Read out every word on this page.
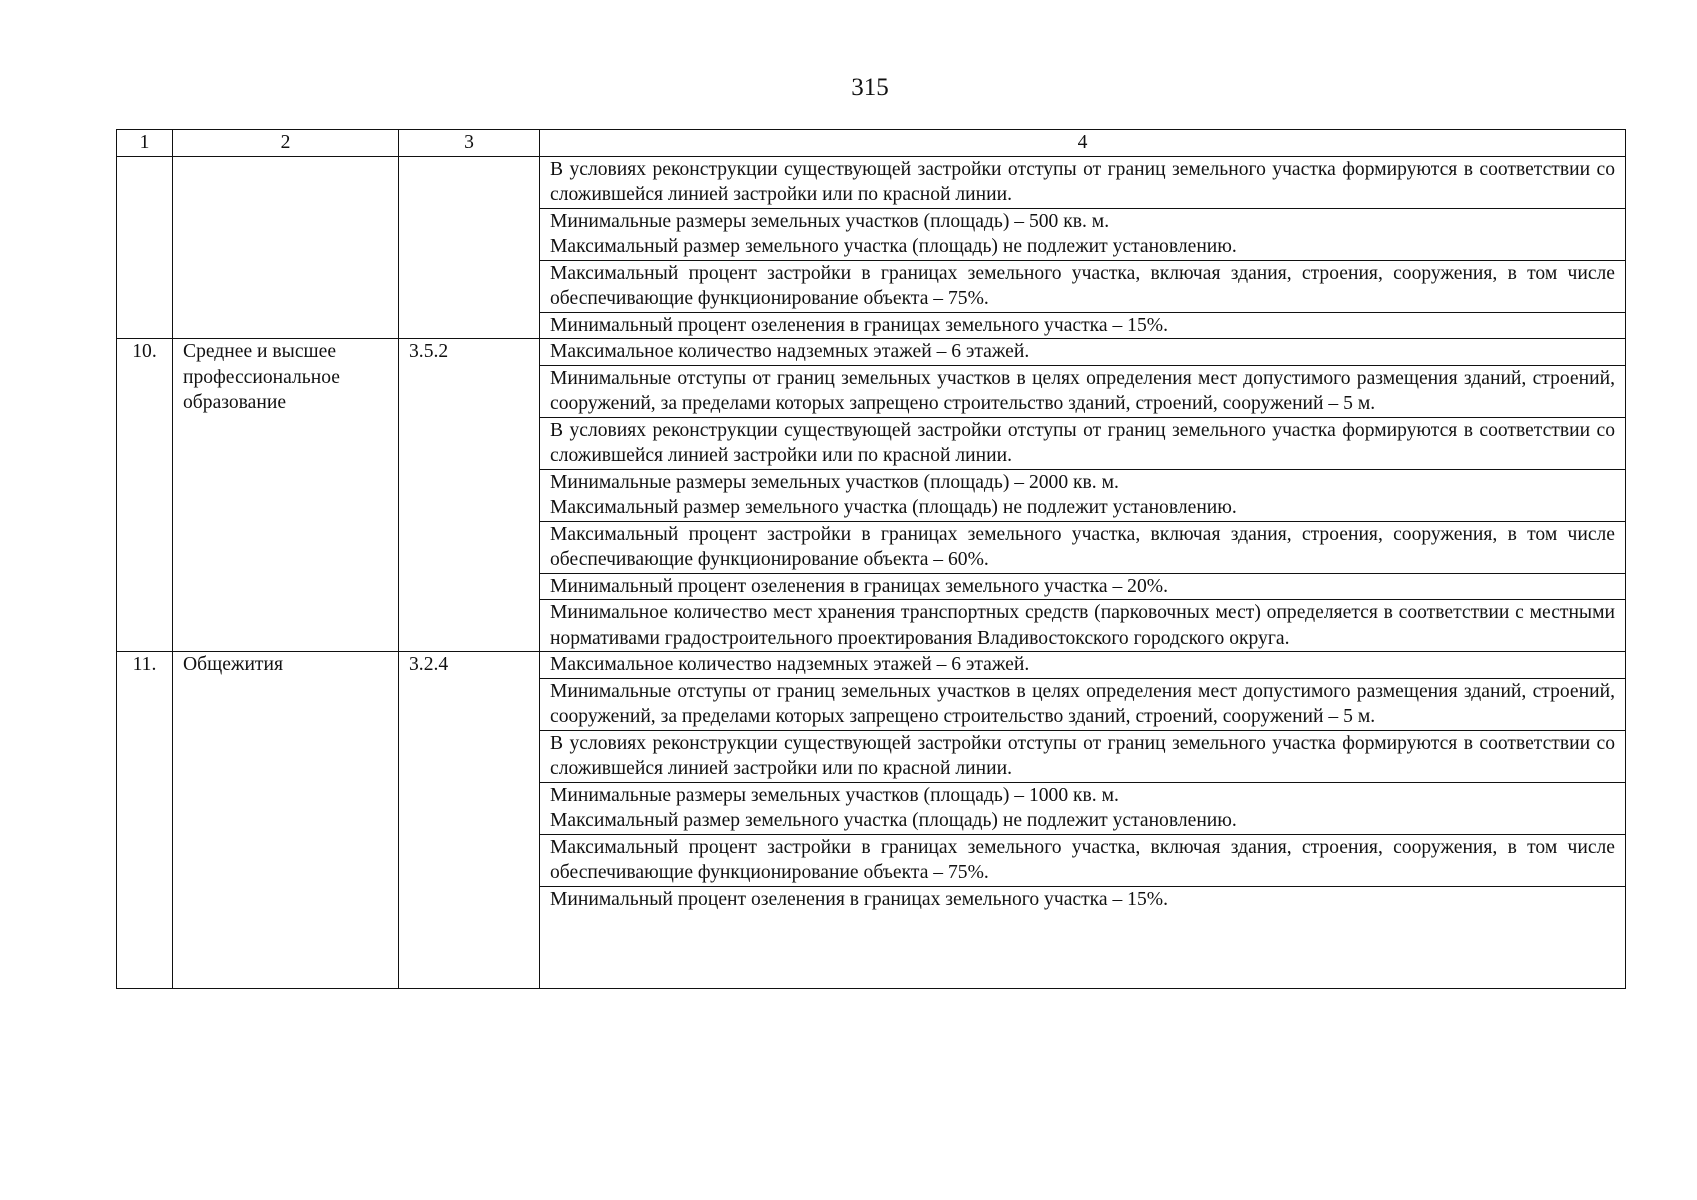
315
1	2	3	4
			В условиях реконструкции существующей застройки отступы от границ земельного участка формируются в соответствии со сложившейся линией застройки или по красной линии.
			Минимальные размеры земельных участков (площадь) – 500 кв. м.
Максимальный размер земельного участка (площадь) не подлежит установлению.
			Максимальный процент застройки в границах земельного участка, включая здания, строения, сооружения, в том числе обеспечивающие функционирование объекта – 75%.
			Минимальный процент озеленения в границах земельного участка – 15%.
10.	Среднее и высшее профессиональное образование	3.5.2	Максимальное количество надземных этажей – 6 этажей.
			Минимальные отступы от границ земельных участков в целях определения мест допустимого размещения зданий, строений, сооружений, за пределами которых запрещено строительство зданий, строений, сооружений – 5 м.
			В условиях реконструкции существующей застройки отступы от границ земельного участка формируются в соответствии со сложившейся линией застройки или по красной линии.
			Минимальные размеры земельных участков (площадь) – 2000 кв. м.
Максимальный размер земельного участка (площадь) не подлежит установлению.
			Максимальный процент застройки в границах земельного участка, включая здания, строения, сооружения, в том числе обеспечивающие функционирование объекта – 60%.
			Минимальный процент озеленения в границах земельного участка – 20%.
			Минимальное количество мест хранения транспортных средств (парковочных мест) определяется в соответствии с местными нормативами градостроительного проектирования Владивостокского городского округа.
11.	Общежития	3.2.4	Максимальное количество надземных этажей – 6 этажей.
			Минимальные отступы от границ земельных участков в целях определения мест допустимого размещения зданий, строений, сооружений, за пределами которых запрещено строительство зданий, строений, сооружений – 5 м.
			В условиях реконструкции существующей застройки отступы от границ земельного участка формируются в соответствии со сложившейся линией застройки или по красной линии.
			Минимальные размеры земельных участков (площадь) – 1000 кв. м.
Максимальный размер земельного участка (площадь) не подлежит установлению.
			Максимальный процент застройки в границах земельного участка, включая здания, строения, сооружения, в том числе обеспечивающие функционирование объекта – 75%.
			Минимальный процент озеленения в границах земельного участка – 15%.
